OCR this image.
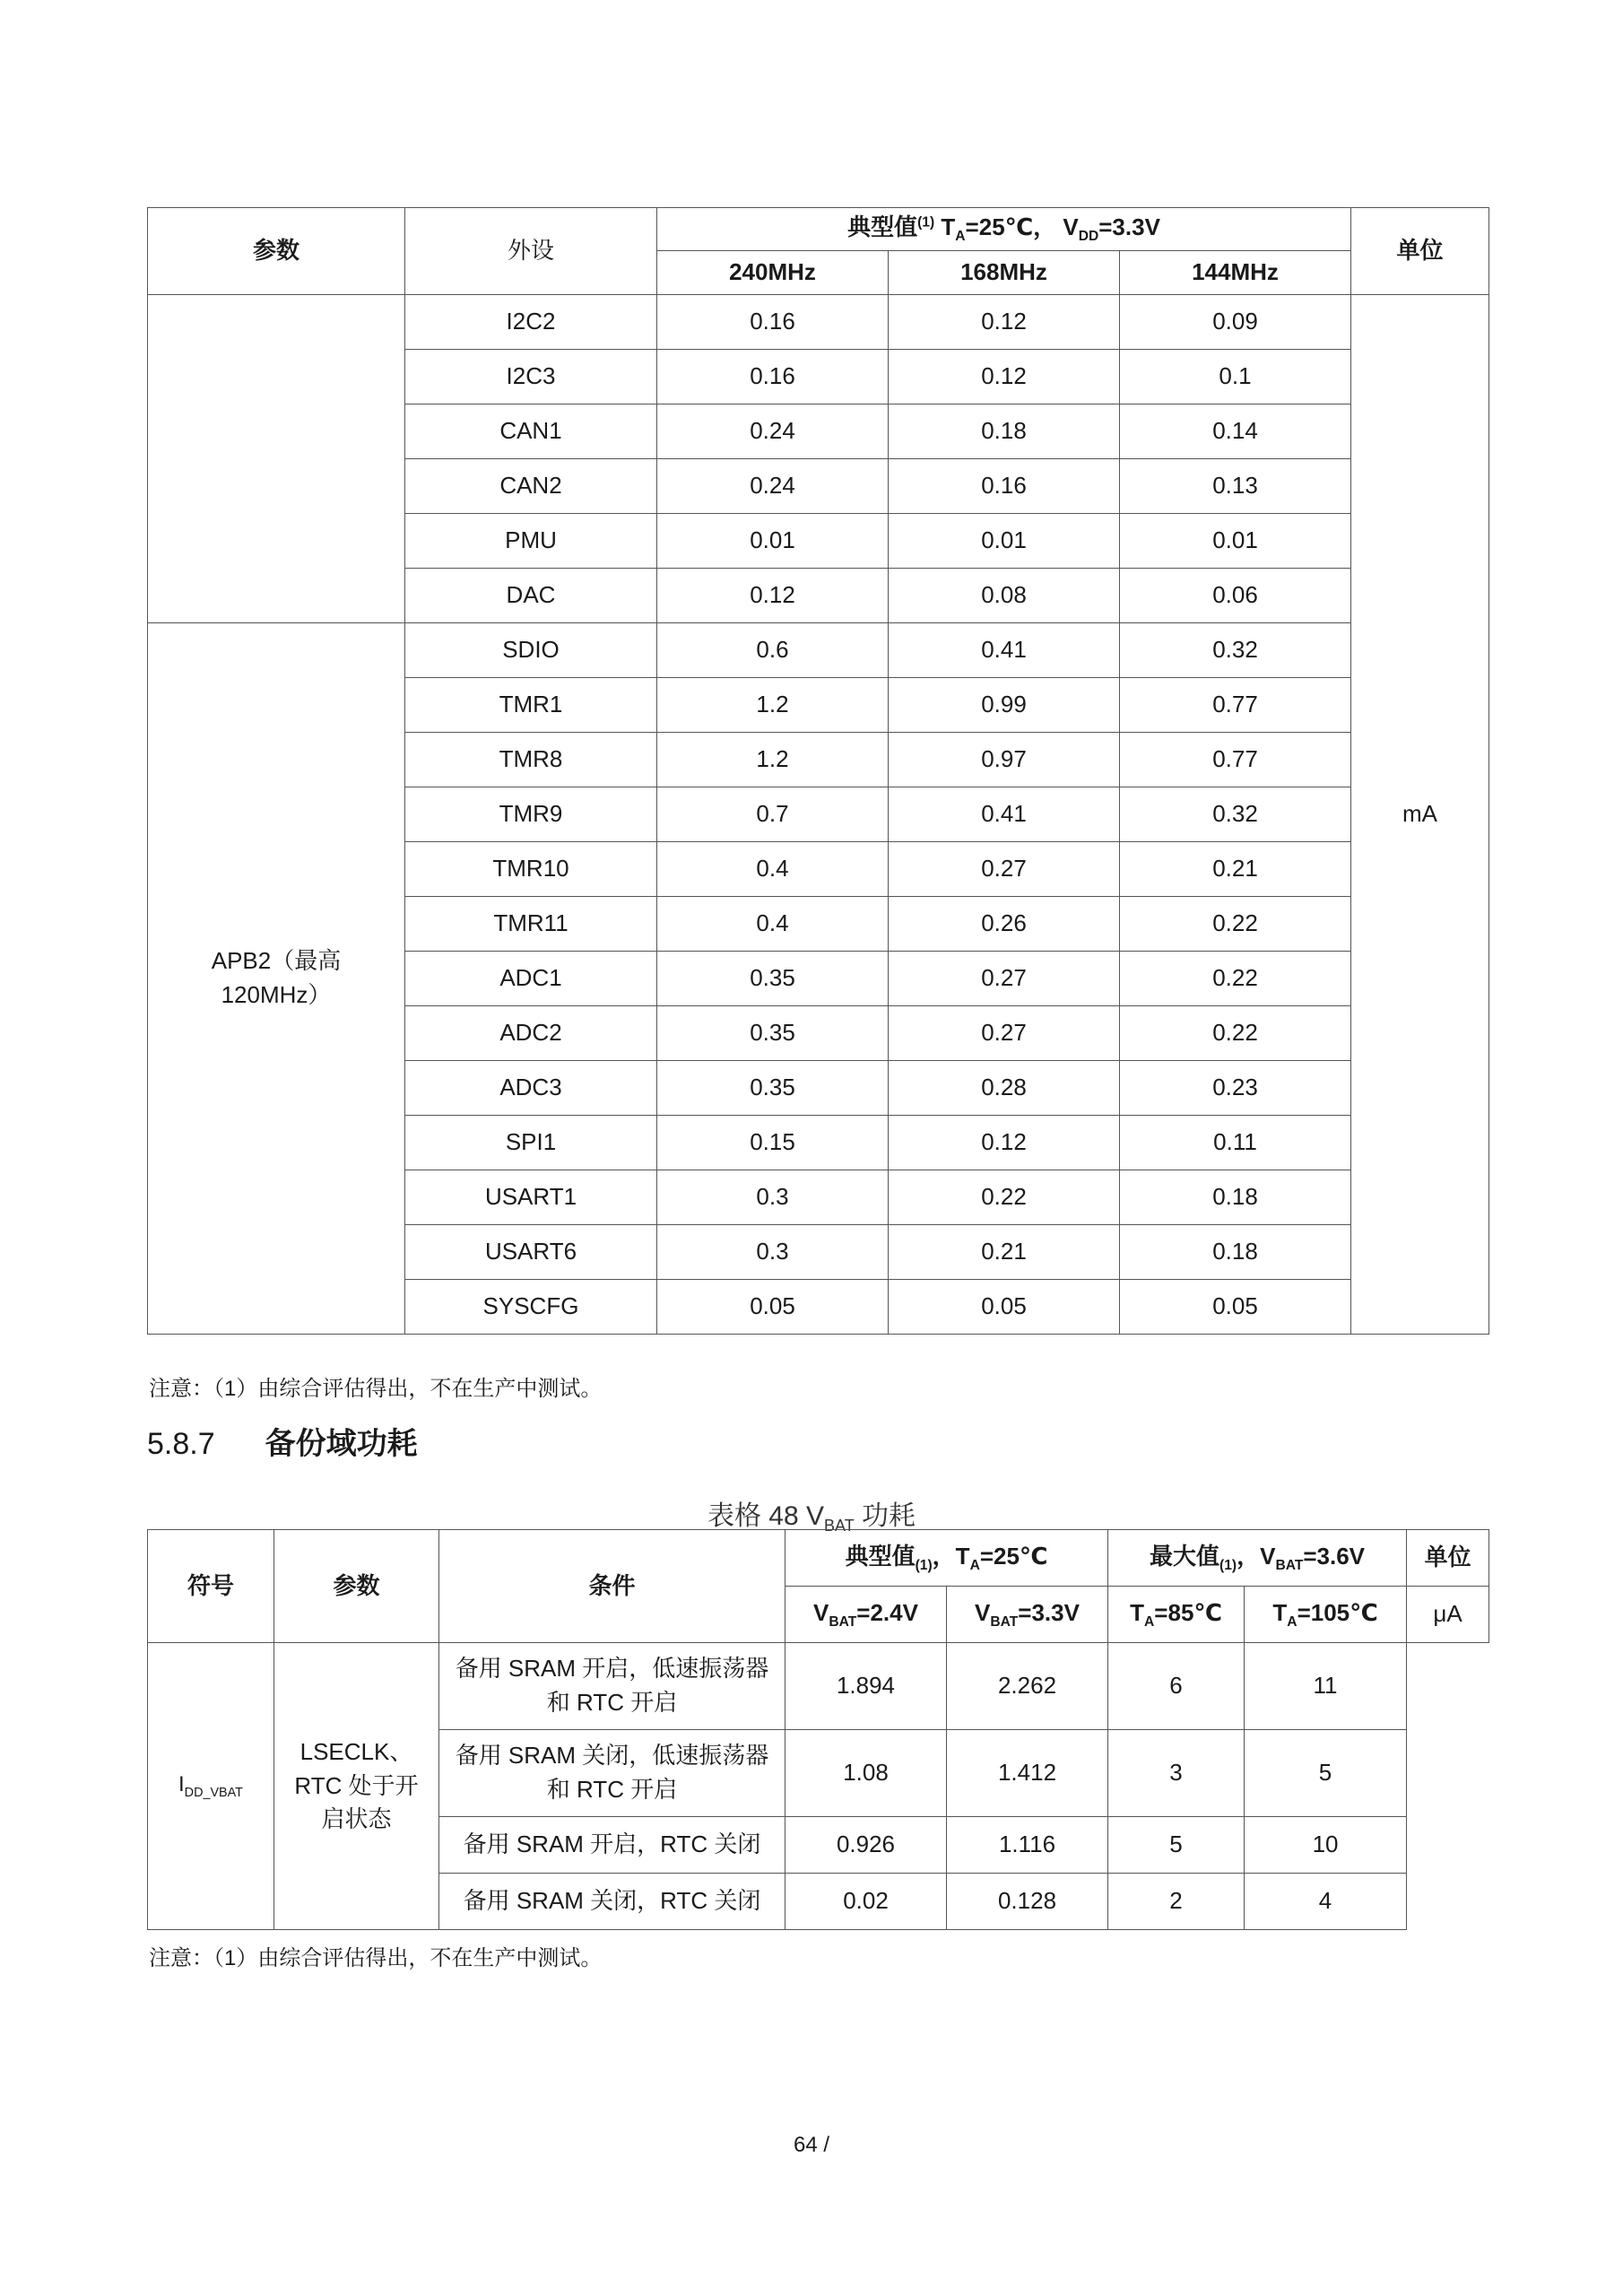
参数	外设	典型值$^{(1)}$ $T_A=25℃$， $V_{DD}=3.3V$			单位
		240MHz	168MHz	144MHz	
	I2C2	0.16	0.12	0.09	mA
	I2C3	0.16	0.12	0.1	
	CAN1	0.24	0.18	0.14	
	CAN2	0.24	0.16	0.13	
	PMU	0.01	0.01	0.01	
	DAC	0.12	0.08	0.06	
APB2（最高120MHz）	SDIO	0.6	0.41	0.32	
	TMR1	1.2	0.99	0.77	
	TMR8	1.2	0.97	0.77	
	TMR9	0.7	0.41	0.32	
	TMR10	0.4	0.27	0.21	
	TMR11	0.4	0.26	0.22	
	ADC1	0.35	0.27	0.22	
	ADC2	0.35	0.27	0.22	
	ADC3	0.35	0.28	0.23	
	SPI1	0.15	0.12	0.11	
	USART1	0.3	0.22	0.18	
	USART6	0.3	0.21	0.18	
	SYSCFG	0.05	0.05	0.05	
注意：（1）由综合评估得出，不在生产中测试。
5.8.7 备份域功耗
表格 48 $V_{BAT}$ 功耗
符号	参数	条件	典型值$_{(1)}$，$T_A=25℃$		最大值$_{(1)}$，$V_{BAT}=3.6V$		单位
			$V_{BAT}=2.4V$	$V_{BAT}=3.3V$	$T_A=85℃$	$T_A=105℃$	μA
$I_{DD\_VBAT}$	LSECLK、RTC 处于开启状态	备用 SRAM 开启，低速振荡器和 RTC 开启	1.894	2.262	6	11	
		备用 SRAM 关闭，低速振荡器和 RTC 开启	1.08	1.412	3	5	
		备用 SRAM 开启，RTC 关闭	0.926	1.116	5	10	
		备用 SRAM 关闭，RTC 关闭	0.02	0.128	2	4	
注意：（1）由综合评估得出，不在生产中测试。
64 /
